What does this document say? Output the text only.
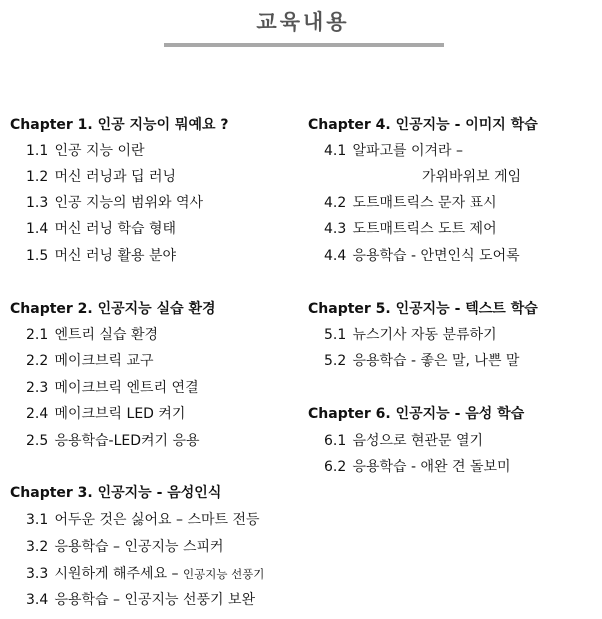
교육내용
Chapter 1. 인공 지능이 뭐예요 ?
1.1 인공 지능 이란
1.2 머신 러닝과 딥 러닝
1.3 인공 지능의 범위와 역사
1.4 머신 러닝 학습 형태
1.5 머신 러닝 활용 분야
Chapter 2. 인공지능 실습 환경
2.1 엔트리 실습 환경
2.2 메이크브릭 교구
2.3 메이크브릭 엔트리 연결
2.4 메이크브릭 LED 켜기
2.5 응용학습-LED켜기 응용
Chapter 3. 인공지능 - 음성인식
3.1 어두운 것은 싫어요 – 스마트 전등
3.2 응용학습 – 인공지능 스피커
3.3 시원하게 해주세요 – 인공지능 선풍기
3.4 응용학습 – 인공지능 선풍기 보완
Chapter 4. 인공지능 - 이미지 학습
4.1 알파고를 이겨라 –
가위바위보 게임
4.2 도트매트릭스 문자 표시
4.3 도트매트릭스 도트 제어
4.4 응용학습 - 안면인식 도어록
Chapter 5. 인공지능 - 텍스트 학습
5.1 뉴스기사 자동 분류하기
5.2 응용학습 - 좋은 말, 나쁜 말
Chapter 6. 인공지능 - 음성 학습
6.1 음성으로 현관문 열기
6.2 응용학습 - 애완 견 돌보미
